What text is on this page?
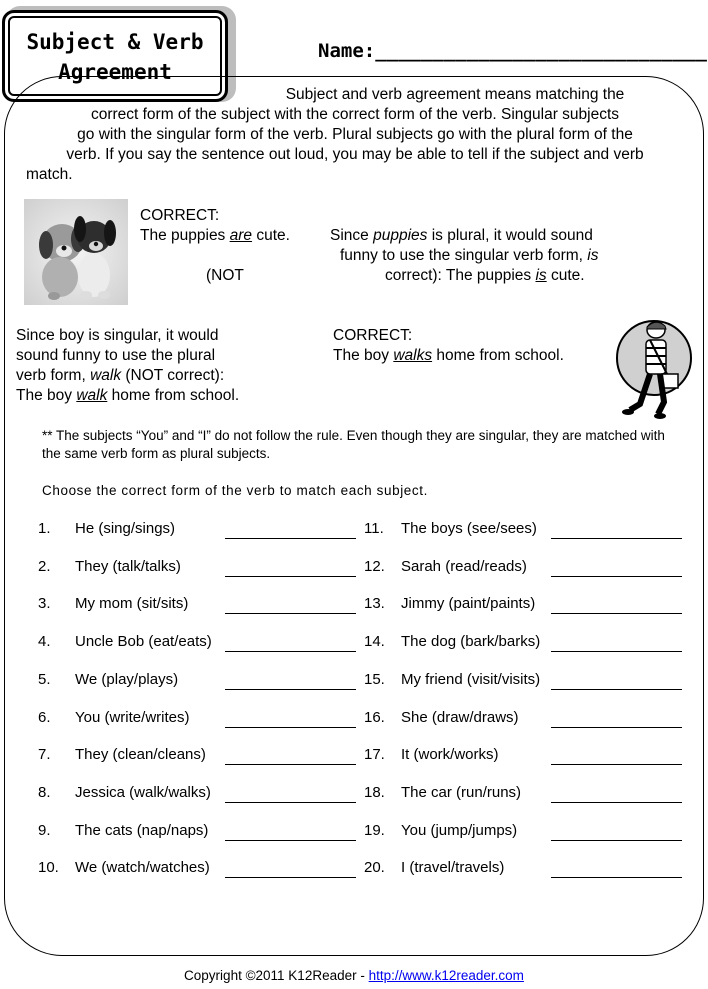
Subject & Verb
Agreement
Name:_____________________________
Subject and verb agreement means matching the
correct form of the subject with the correct form of the verb. Singular subjects
go with the singular form of the verb. Plural subjects go with the plural form of the
verb. If you say the sentence out loud, you may be able to tell if the subject and verb
match.
CORRECT:
The puppies are cute.
(NOT
Since puppies is plural, it would sound
funny to use the singular verb form, is
correct): The puppies is cute.
Since boy is singular, it would
sound funny to use the plural
verb form, walk (NOT correct):
The boy walk home from school.
CORRECT:
The boy walks home from school.
** The subjects “You” and “I” do not follow the rule. Even though they are singular, they are matched with the same verb form as plural subjects.
Choose the correct form of the verb to match each subject.
1.	He (sing/sings)
2.	They (talk/talks)
3.	My mom (sit/sits)
4.	Uncle Bob (eat/eats)
5.	We (play/plays)
6.	You (write/writes)
7.	They (clean/cleans)
8.	Jessica (walk/walks)
9.	The cats (nap/naps)
10.	We (watch/watches)
11.	The boys (see/sees)
12.	Sarah (read/reads)
13.	Jimmy (paint/paints)
14.	The dog (bark/barks)
15.	My friend (visit/visits)
16.	She (draw/draws)
17.	It (work/works)
18.	The car (run/runs)
19.	You (jump/jumps)
20.	I (travel/travels)
Copyright ©2011 K12Reader - http://www.k12reader.com
